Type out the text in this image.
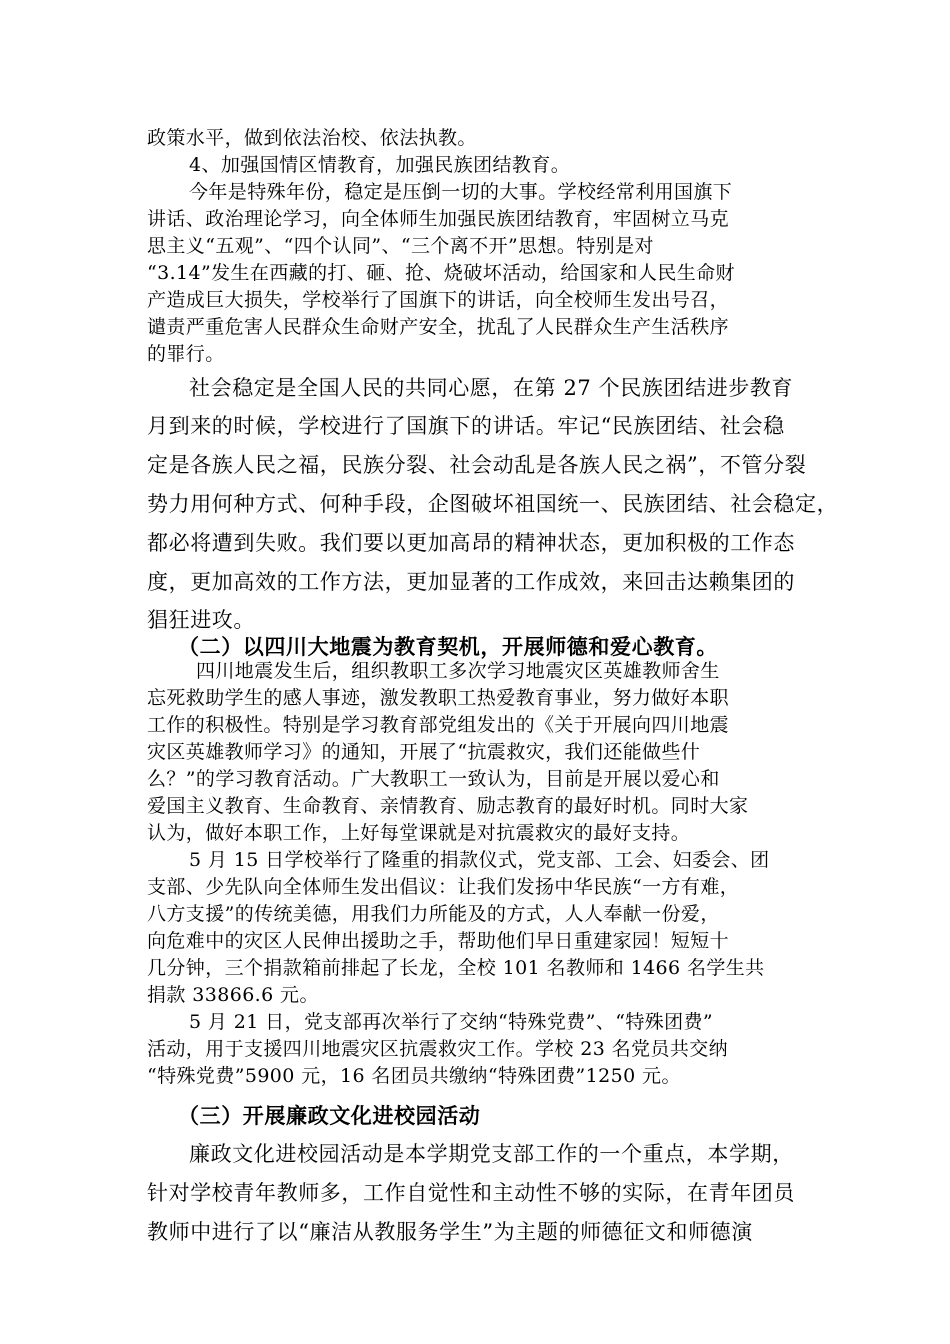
政策水平，做到依法治校、依法执教。
4、加强国情区情教育，加强民族团结教育。
今年是特殊年份，稳定是压倒一切的大事。学校经常利用国旗下
讲话、政治理论学习，向全体师生加强民族团结教育，牢固树立马克
思主义“五观”、“四个认同”、“三个离不开”思想。特别是对
“3.14”发生在西藏的打、砸、抢、烧破坏活动，给国家和人民生命财
产造成巨大损失，学校举行了国旗下的讲话，向全校师生发出号召，
谴责严重危害人民群众生命财产安全，扰乱了人民群众生产生活秩序
的罪行。
社会稳定是全国人民的共同心愿，在第 27 个民族团结进步教育
月到来的时候，学校进行了国旗下的讲话。牢记“民族团结、社会稳
定是各族人民之福，民族分裂、社会动乱是各族人民之祸”，不管分裂
势力用何种方式、何种手段，企图破坏祖国统一、民族团结、社会稳定，
都必将遭到失败。我们要以更加高昂的精神状态，更加积极的工作态
度，更加高效的工作方法，更加显著的工作成效，来回击达赖集团的
猖狂进攻。
（二）以四川大地震为教育契机，开展师德和爱心教育。
四川地震发生后，组织教职工多次学习地震灾区英雄教师舍生
忘死救助学生的感人事迹，激发教职工热爱教育事业，努力做好本职
工作的积极性。特别是学习教育部党组发出的《关于开展向四川地震
灾区英雄教师学习》的通知，开展了“抗震救灾，我们还能做些什
么？”的学习教育活动。广大教职工一致认为，目前是开展以爱心和
爱国主义教育、生命教育、亲情教育、励志教育的最好时机。同时大家
认为，做好本职工作，上好每堂课就是对抗震救灾的最好支持。
5 月 15 日学校举行了隆重的捐款仪式，党支部、工会、妇委会、团
支部、少先队向全体师生发出倡议：让我们发扬中华民族“一方有难，
八方支援”的传统美德，用我们力所能及的方式，人人奉献一份爱，
向危难中的灾区人民伸出援助之手，帮助他们早日重建家园！短短十
几分钟，三个捐款箱前排起了长龙，全校 101 名教师和 1466 名学生共
捐款 33866.6 元。
5 月 21 日，党支部再次举行了交纳“特殊党费”、“特殊团费”
活动，用于支援四川地震灾区抗震救灾工作。学校 23 名党员共交纳
“特殊党费”5900 元，16 名团员共缴纳“特殊团费”1250 元。
（三）开展廉政文化进校园活动
廉政文化进校园活动是本学期党支部工作的一个重点，本学期，
针对学校青年教师多，工作自觉性和主动性不够的实际，在青年团员
教师中进行了以“廉洁从教服务学生”为主题的师德征文和师德演
